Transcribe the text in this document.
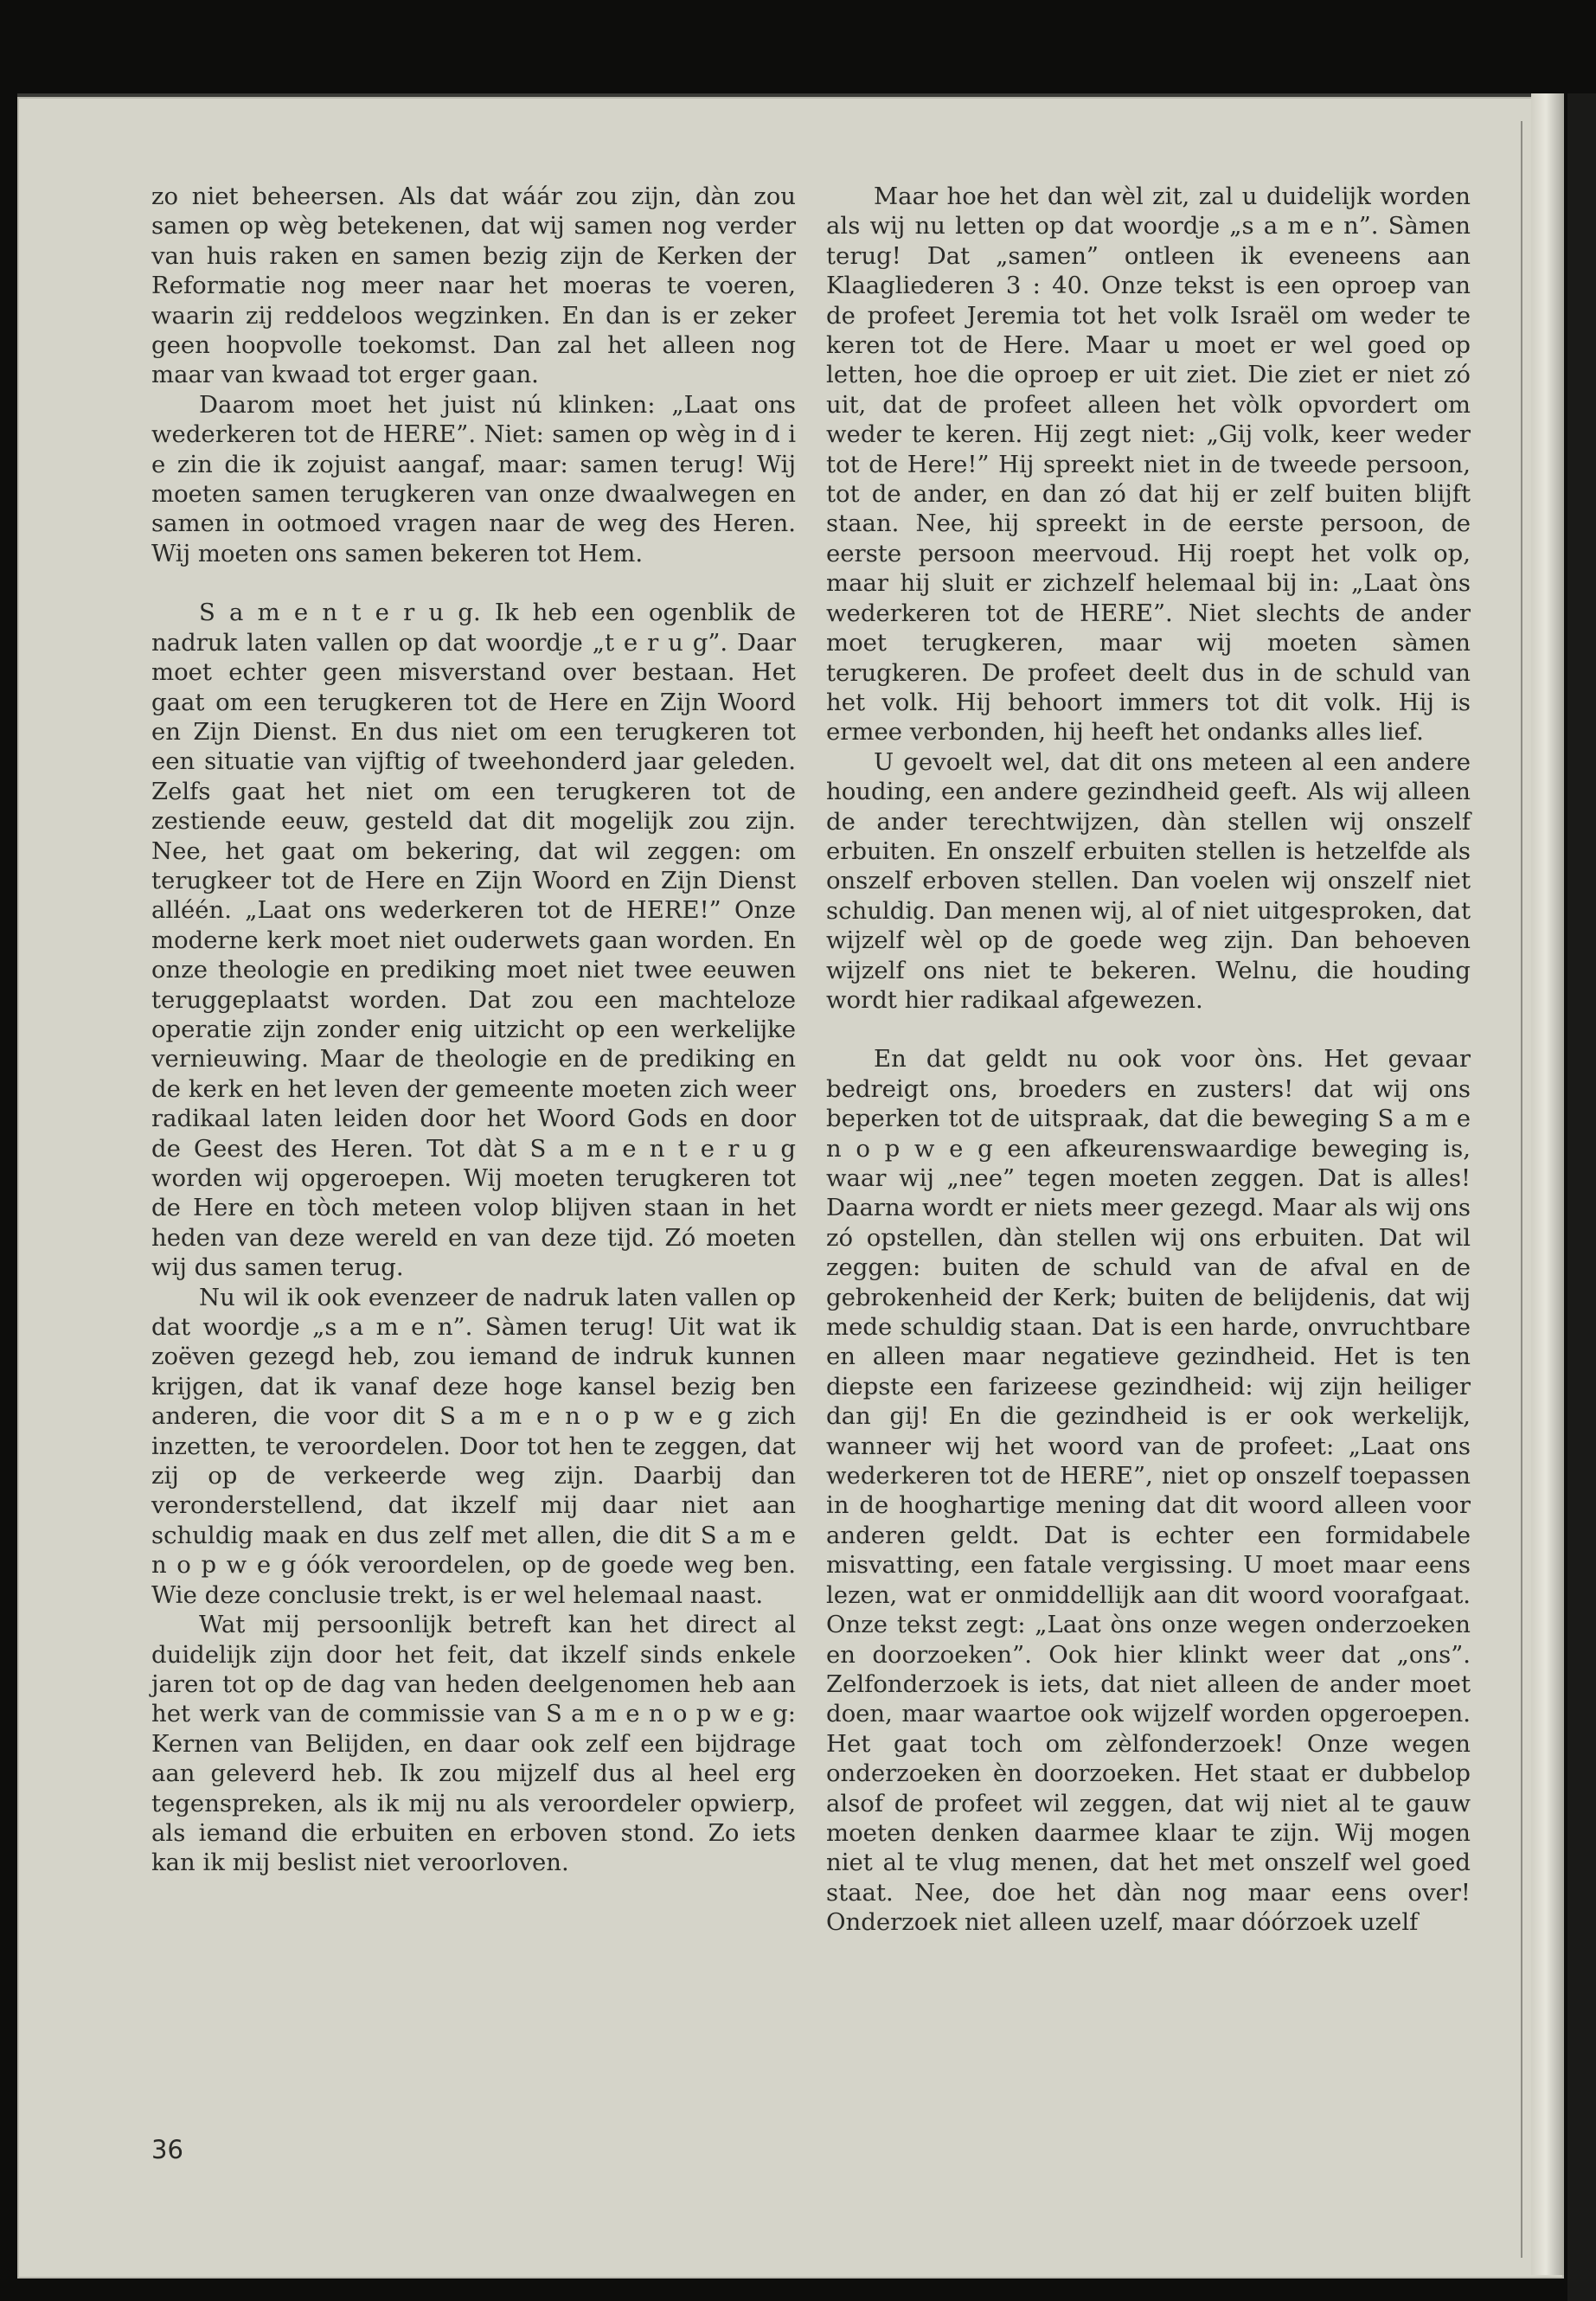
zo niet beheersen. Als dat wáár zou zijn, dàn zou samen op wèg betekenen, dat wij samen nog verder van huis raken en samen bezig zijn de Kerken der Reformatie nog meer naar het moeras te voeren, waarin zij reddeloos wegzinken. En dan is er zeker geen hoopvolle toekomst. Dan zal het alleen nog maar van kwaad tot erger gaan.

Daarom moet het juist nú klinken: „Laat ons wederkeren tot de HERE”. Niet: samen op wèg in d i e zin die ik zojuist aangaf, maar: samen terug! Wij moeten samen terugkeren van onze dwaalwegen en samen in ootmoed vragen naar de weg des Heren. Wij moeten ons samen bekeren tot Hem.

S a m e n t e r u g. Ik heb een ogenblik de nadruk laten vallen op dat woordje „t e r u g”. Daar moet echter geen misverstand over bestaan. Het gaat om een terugkeren tot de Here en Zijn Woord en Zijn Dienst. En dus niet om een terugkeren tot een situatie van vijftig of tweehonderd jaar geleden. Zelfs gaat het niet om een terugkeren tot de zestiende eeuw, gesteld dat dit mogelijk zou zijn. Nee, het gaat om bekering, dat wil zeggen: om terugkeer tot de Here en Zijn Woord en Zijn Dienst alléén. „Laat ons wederkeren tot de HERE!” Onze moderne kerk moet niet ouderwets gaan worden. En onze theologie en prediking moet niet twee eeuwen teruggeplaatst worden. Dat zou een machteloze operatie zijn zonder enig uitzicht op een werkelijke vernieuwing. Maar de theologie en de prediking en de kerk en het leven der gemeente moeten zich weer radikaal laten leiden door het Woord Gods en door de Geest des Heren. Tot dàt S a m e n t e r u g worden wij opgeroepen. Wij moeten terugkeren tot de Here en tòch meteen volop blijven staan in het heden van deze wereld en van deze tijd. Zó moeten wij dus samen terug.

Nu wil ik ook evenzeer de nadruk laten vallen op dat woordje „s a m e n”. Sàmen terug! Uit wat ik zoëven gezegd heb, zou iemand de indruk kunnen krijgen, dat ik vanaf deze hoge kansel bezig ben anderen, die voor dit S a m e n o p w e g zich inzetten, te veroordelen. Door tot hen te zeggen, dat zij op de verkeerde weg zijn. Daarbij dan veronderstellend, dat ikzelf mij daar niet aan schuldig maak en dus zelf met allen, die dit S a m e n o p w e g óók veroordelen, op de goede weg ben. Wie deze conclusie trekt, is er wel helemaal naast.

Wat mij persoonlijk betreft kan het direct al duidelijk zijn door het feit, dat ikzelf sinds enkele jaren tot op de dag van heden deelgenomen heb aan het werk van de commissie van S a m e n o p w e g: Kernen van Belijden, en daar ook zelf een bijdrage aan geleverd heb. Ik zou mijzelf dus al heel erg tegenspreken, als ik mij nu als veroordeler opwierp, als iemand die erbuiten en erboven stond. Zo iets kan ik mij beslist niet veroorloven.

36

Maar hoe het dan wèl zit, zal u duidelijk worden als wij nu letten op dat woordje „s a m e n”. Sàmen terug! Dat „samen” ontleen ik eveneens aan Klaagliederen 3 : 40. Onze tekst is een oproep van de profeet Jeremia tot het volk Israël om weder te keren tot de Here. Maar u moet er wel goed op letten, hoe die oproep er uit ziet. Die ziet er niet zó uit, dat de profeet alleen het vòlk opvordert om weder te keren. Hij zegt niet: „Gij volk, keer weder tot de Here!” Hij spreekt niet in de tweede persoon, tot de ander, en dan zó dat hij er zelf buiten blijft staan. Nee, hij spreekt in de eerste persoon, de eerste persoon meervoud. Hij roept het volk op, maar hij sluit er zichzelf helemaal bij in: „Laat òns wederkeren tot de HERE”. Niet slechts de ander moet terugkeren, maar wij moeten sàmen terugkeren. De profeet deelt dus in de schuld van het volk. Hij behoort immers tot dit volk. Hij is ermee verbonden, hij heeft het ondanks alles lief.

U gevoelt wel, dat dit ons meteen al een andere houding, een andere gezindheid geeft. Als wij alleen de ander terechtwijzen, dàn stellen wij onszelf erbuiten. En onszelf erbuiten stellen is hetzelfde als onszelf erboven stellen. Dan voelen wij onszelf niet schuldig. Dan menen wij, al of niet uitgesproken, dat wijzelf wèl op de goede weg zijn. Dan behoeven wijzelf ons niet te bekeren. Welnu, die houding wordt hier radikaal afgewezen.

En dat geldt nu ook voor òns. Het gevaar bedreigt ons, broeders en zusters! dat wij ons beperken tot de uitspraak, dat die beweging S a m e n o p w e g een afkeurenswaardige beweging is, waar wij „nee” tegen moeten zeggen. Dat is alles! Daarna wordt er niets meer gezegd. Maar als wij ons zó opstellen, dàn stellen wij ons erbuiten. Dat wil zeggen: buiten de schuld van de afval en de gebrokenheid der Kerk; buiten de belijdenis, dat wij mede schuldig staan. Dat is een harde, onvruchtbare en alleen maar negatieve gezindheid. Het is ten diepste een farizeese gezindheid: wij zijn heiliger dan gij! En die gezindheid is er ook werkelijk, wanneer wij het woord van de profeet: „Laat ons wederkeren tot de HERE”, niet op onszelf toepassen in de hooghartige mening dat dit woord alleen voor anderen geldt. Dat is echter een formidabele misvatting, een fatale vergissing. U moet maar eens lezen, wat er onmiddellijk aan dit woord voorafgaat. Onze tekst zegt: „Laat òns onze wegen onderzoeken en doorzoeken”. Ook hier klinkt weer dat „ons”. Zelfonderzoek is iets, dat niet alleen de ander moet doen, maar waartoe ook wijzelf worden opgeroepen. Het gaat toch om zèlfonderzoek! Onze wegen onderzoeken èn doorzoeken. Het staat er dubbelop alsof de profeet wil zeggen, dat wij niet al te gauw moeten denken daarmee klaar te zijn. Wij mogen niet al te vlug menen, dat het met onszelf wel goed staat. Nee, doe het dàn nog maar eens over! Onderzoek niet alleen uzelf, maar dóórzoek uzelf
